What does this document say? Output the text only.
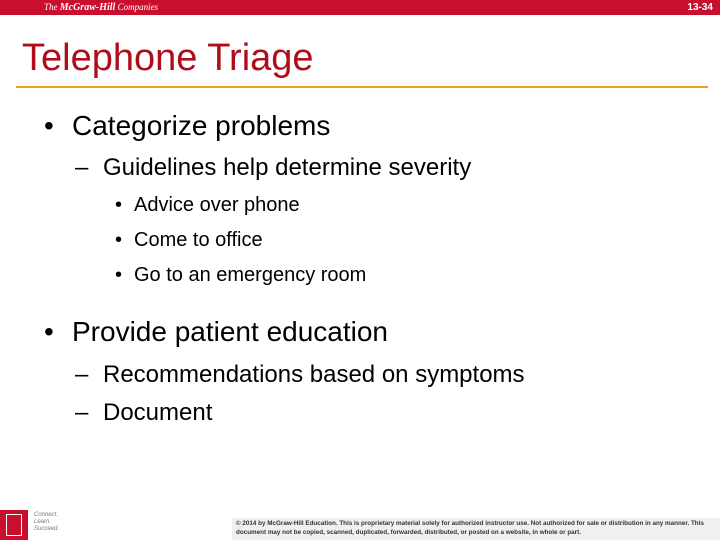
The McGraw-Hill Companies	13-34
Telephone Triage
• Categorize problems
– Guidelines help determine severity
• Advice over phone
• Come to office
• Go to an emergency room
• Provide patient education
– Recommendations based on symptoms
– Document
Connect. Learn. Succeed.
© 2014 by McGraw-Hill Education. This is proprietary material solely for authorized instructor use. Not authorized for sale or distribution in any manner. This document may not be copied, scanned, duplicated, forwarded, distributed, or posted on a website, in whole or part.
